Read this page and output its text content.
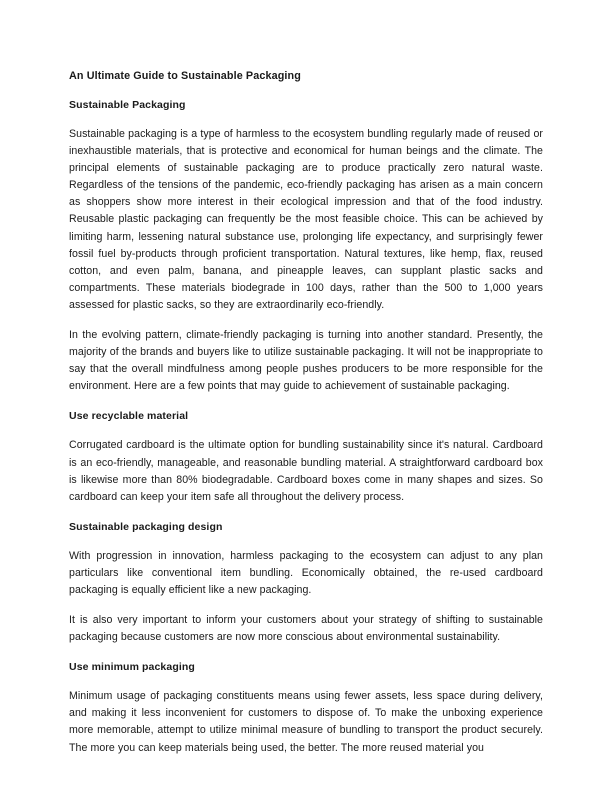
An Ultimate Guide to Sustainable Packaging
Sustainable Packaging

Sustainable packaging is a type of harmless to the ecosystem bundling regularly made of reused or inexhaustible materials, that is protective and economical for human beings and the climate. The principal elements of sustainable packaging are to produce practically zero natural waste. Regardless of the tensions of the pandemic, eco-friendly packaging has arisen as a main concern as shoppers show more interest in their ecological impression and that of the food industry. Reusable plastic packaging can frequently be the most feasible choice. This can be achieved by limiting harm, lessening natural substance use, prolonging life expectancy, and surprisingly fewer fossil fuel by-products through proficient transportation. Natural textures, like hemp, flax, reused cotton, and even palm, banana, and pineapple leaves, can supplant plastic sacks and compartments. These materials biodegrade in 100 days, rather than the 500 to 1,000 years assessed for plastic sacks, so they are extraordinarily eco-friendly.

In the evolving pattern, climate-friendly packaging is turning into another standard. Presently, the majority of the brands and buyers like to utilize sustainable packaging. It will not be inappropriate to say that the overall mindfulness among people pushes producers to be more responsible for the environment. Here are a few points that may guide to achievement of sustainable packaging.

Use recyclable material

Corrugated cardboard is the ultimate option for bundling sustainability since it's natural. Cardboard is an eco-friendly, manageable, and reasonable bundling material. A straightforward cardboard box is likewise more than 80% biodegradable. Cardboard boxes come in many shapes and sizes. So cardboard can keep your item safe all throughout the delivery process.

Sustainable packaging design

With progression in innovation, harmless packaging to the ecosystem can adjust to any plan particulars like conventional item bundling. Economically obtained, the re-used cardboard packaging is equally efficient like a new packaging.

It is also very important to inform your customers about your strategy of shifting to sustainable packaging because customers are now more conscious about environmental sustainability.

Use minimum packaging

Minimum usage of packaging constituents means using fewer assets, less space during delivery, and making it less inconvenient for customers to dispose of. To make the unboxing experience more memorable, attempt to utilize minimal measure of bundling to transport the product securely. The more you can keep materials being used, the better. The more reused material you
